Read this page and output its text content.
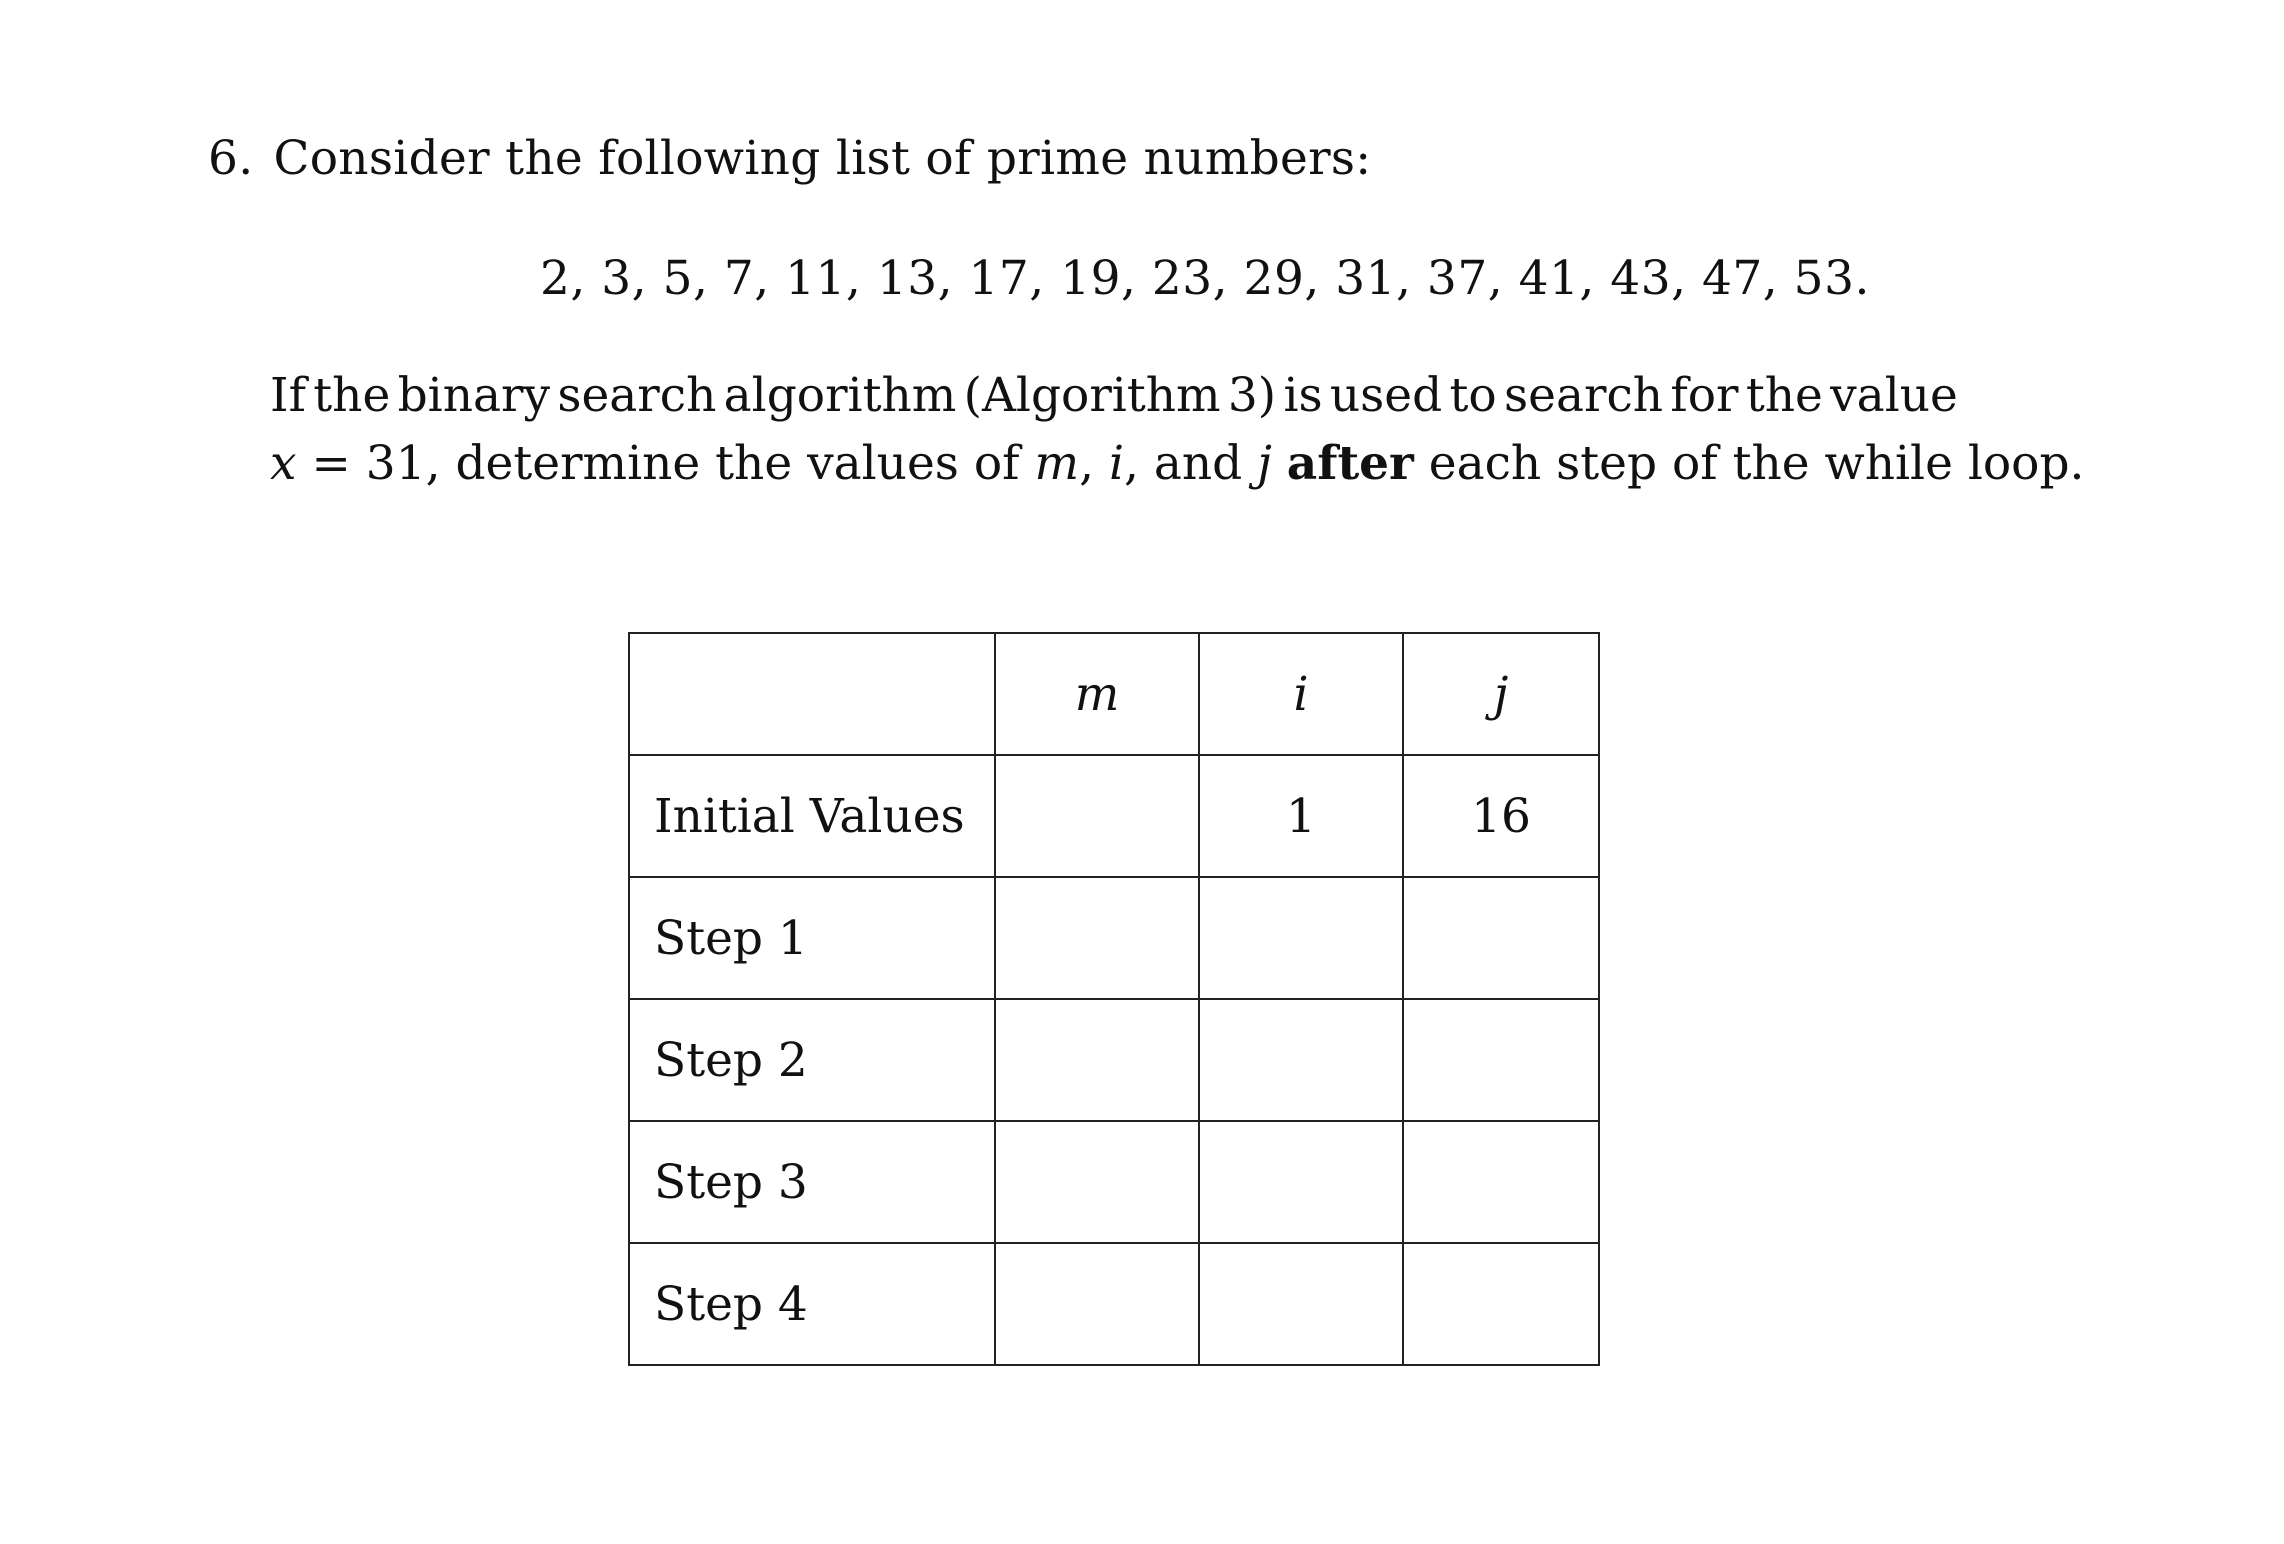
6. Consider the following list of prime numbers:
2, 3, 5, 7, 11, 13, 17, 19, 23, 29, 31, 37, 41, 43, 47, 53.
If the binary search algorithm (Algorithm 3) is used to search for the value
x = 31, determine the values of m, i, and j after each step of the while loop.
	m	i	j
Initial Values		1	16
Step 1			
Step 2			
Step 3			
Step 4			
